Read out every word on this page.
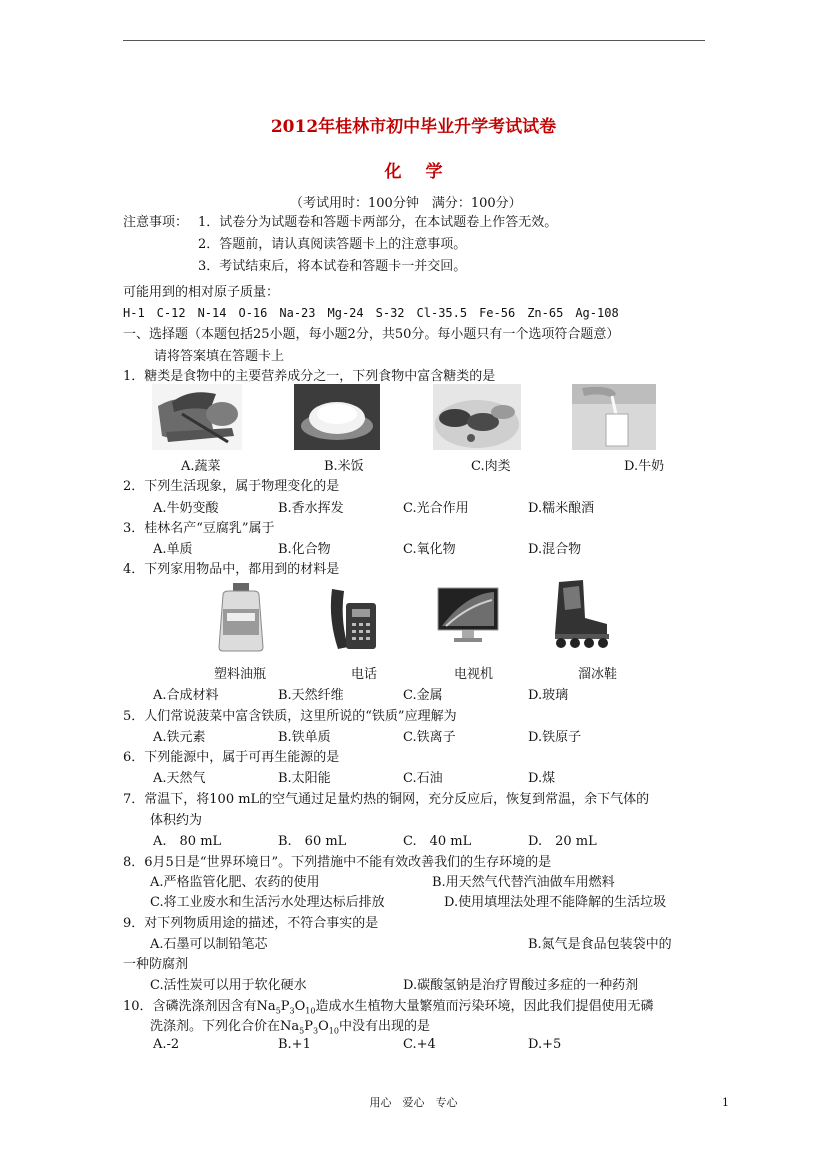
2012年桂林市初中毕业升学考试试卷
化学
（考试用时：100分钟　满分：100分）
注意事项： 1．试卷分为试题卷和答题卡两部分，在本试题卷上作答无效。
2．答题前，请认真阅读答题卡上的注意事项。
3．考试结束后，将本试卷和答题卡一并交回。
可能用到的相对原子质量：
H-1　C-12　N-14　O-16　Na-23　Mg-24　S-32　Cl-35.5　Fe-56　Zn-65　Ag-108
一、选择题（本题包括25小题，每小题2分，共50分。每小题只有一个选项符合题意）
请将答案填在答题卡上
1．糖类是食物中的主要营养成分之一，下列食物中富含糖类的是
A.蔬菜	B.米饭	C.肉类	D.牛奶
2．下列生活现象，属于物理变化的是
A.牛奶变酸	B.香水挥发	C.光合作用	D.糯米酿酒
3．桂林名产“豆腐乳”属于
A.单质	B.化合物	C.氧化物	D.混合物
4．下列家用物品中，都用到的材料是
塑料油瓶	电话	电视机	溜冰鞋
A.合成材料	B.天然纤维	C.金属	D.玻璃
5．人们常说菠菜中富含铁质，这里所说的“铁质”应理解为
A.铁元素	B.铁单质	C.铁离子	D.铁原子
6．下列能源中，属于可再生能源的是
A.天然气	B.太阳能	C.石油	D.煤
7．常温下，将100 mL的空气通过足量灼热的铜网，充分反应后，恢复到常温，余下气体的
体积约为
A.　80 mL	B.　60 mL	C.　40 mL	D.　20 mL
8．6月5日是“世界环境日”。下列措施中不能有效改善我们的生存环境的是
A.严格监管化肥、农药的使用	B.用天然气代替汽油做车用燃料
C.将工业废水和生活污水处理达标后排放	D.使用填埋法处理不能降解的生活垃圾
9．对下列物质用途的描述，不符合事实的是
A.石墨可以制铅笔芯	B.氮气是食品包装袋中的
一种防腐剂
C.活性炭可以用于软化硬水	D.碳酸氢钠是治疗胃酸过多症的一种药剂
10．含磷洗涤剂因含有$Na_5P_3O_{10}$造成水生植物大量繁殖而污染环境，因此我们提倡使用无磷
洗涤剂。下列化合价在$Na_5P_3O_{10}$中没有出现的是
A.-2	B.+1	C.+4	D.+5
用心　爱心　专心	1
